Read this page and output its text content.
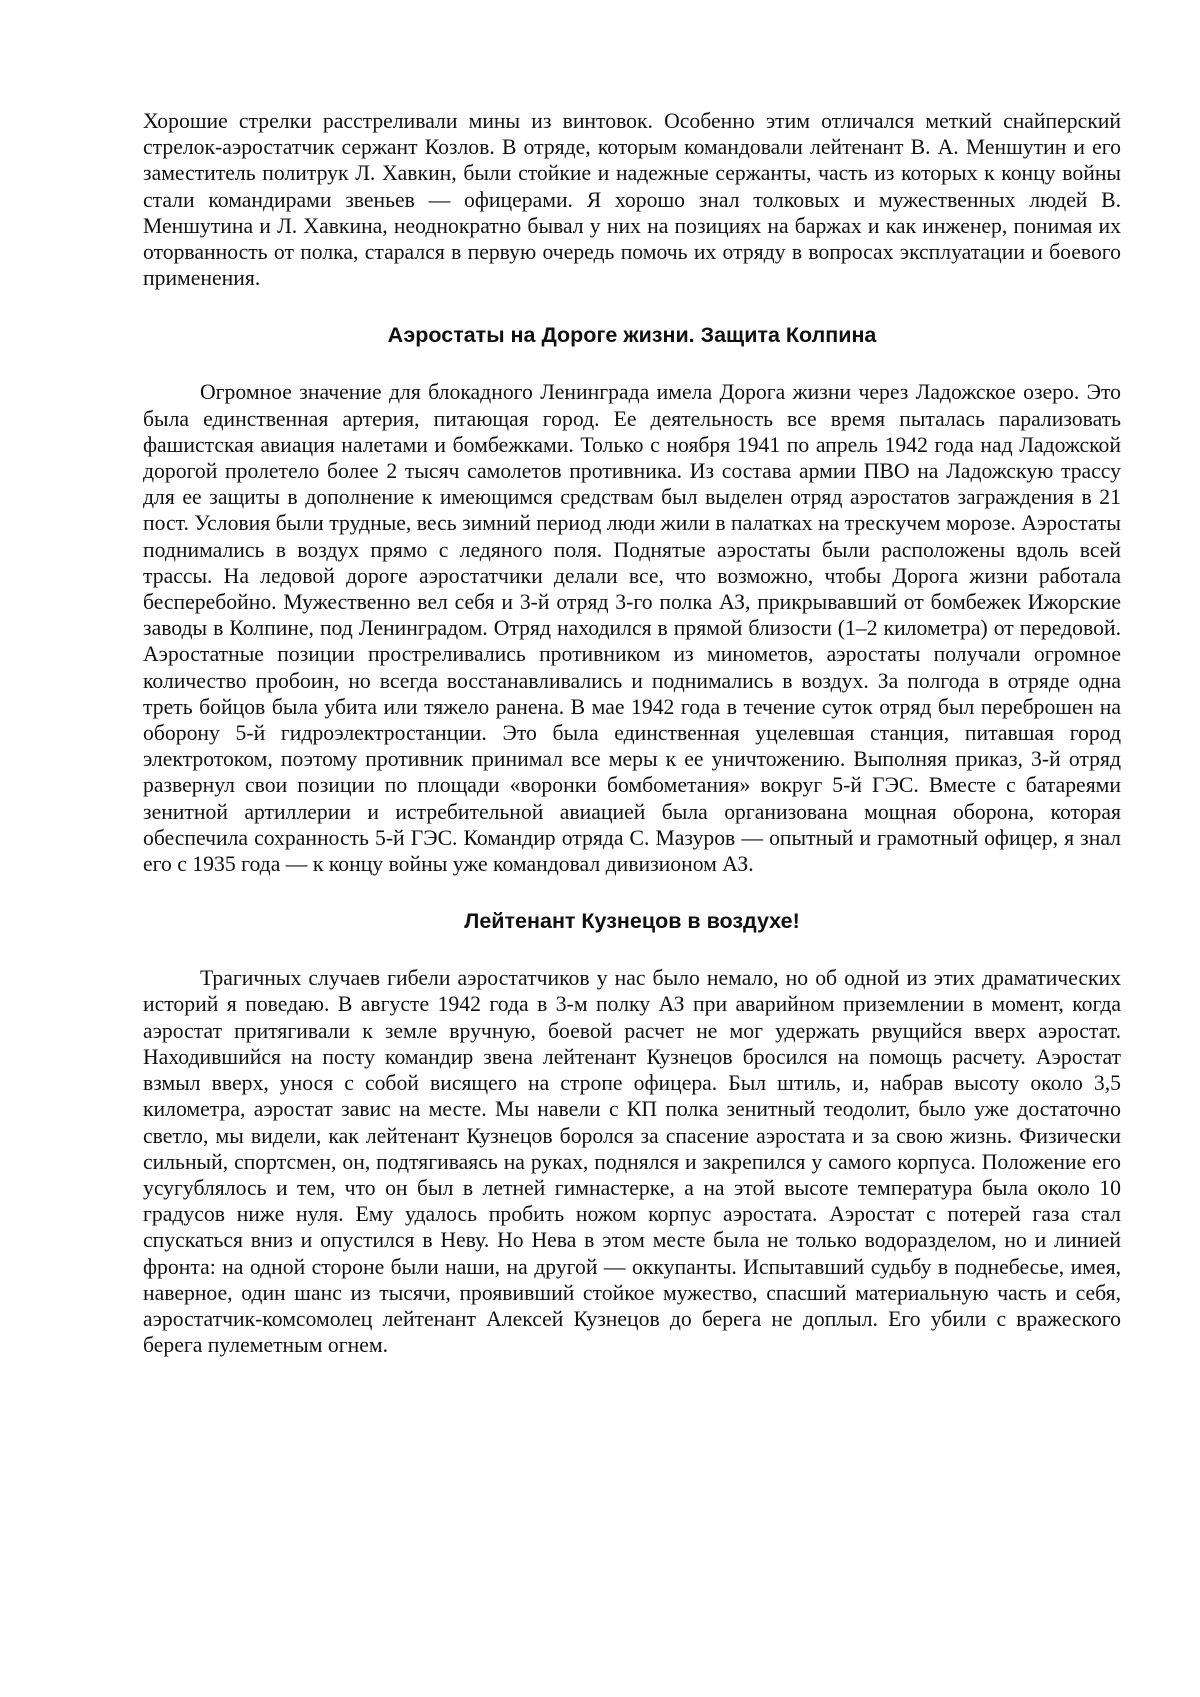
Хорошие стрелки расстреливали мины из винтовок. Особенно этим отличался меткий снайперский стрелок-аэростатчик сержант Козлов. В отряде, которым командовали лейтенант В. А. Меншутин и его заместитель политрук Л. Хавкин, были стойкие и надежные сержанты, часть из которых к концу войны стали командирами звеньев — офицерами. Я хорошо знал толковых и мужественных людей В. Меншутина и Л. Хавкина, неоднократно бывал у них на позициях на баржах и как инженер, понимая их оторванность от полка, старался в первую очередь помочь их отряду в вопросах эксплуатации и боевого применения.

Аэростаты на Дороге жизни. Защита Колпина

Огромное значение для блокадного Ленинграда имела Дорога жизни через Ладожское озеро. Это была единственная артерия, питающая город. Ее деятельность все время пыталась парализовать фашистская авиация налетами и бомбежками. Только с ноября 1941 по апрель 1942 года над Ладожской дорогой пролетело более 2 тысяч самолетов противника. Из состава армии ПВО на Ладожскую трассу для ее защиты в дополнение к имеющимся средствам был выделен отряд аэростатов заграждения в 21 пост. Условия были трудные, весь зимний период люди жили в палатках на трескучем морозе. Аэростаты поднимались в воздух прямо с ледяного поля. Поднятые аэростаты были расположены вдоль всей трассы. На ледовой дороге аэростатчики делали все, что возможно, чтобы Дорога жизни работала бесперебойно. Мужественно вел себя и 3-й отряд 3-го полка АЗ, прикрывавший от бомбежек Ижорские заводы в Колпине, под Ленинградом. Отряд находился в прямой близости (1–2 километра) от передовой. Аэростатные позиции простреливались противником из минометов, аэростаты получали огромное количество пробоин, но всегда восстанавливались и поднимались в воздух. За полгода в отряде одна треть бойцов была убита или тяжело ранена. В мае 1942 года в течение суток отряд был переброшен на оборону 5-й гидроэлектростанции. Это была единственная уцелевшая станция, питавшая город электротоком, поэтому противник принимал все меры к ее уничтожению. Выполняя приказ, 3-й отряд развернул свои позиции по площади «воронки бомбометания» вокруг 5-й ГЭС. Вместе с батареями зенитной артиллерии и истребительной авиацией была организована мощная оборона, которая обеспечила сохранность 5-й ГЭС. Командир отряда С. Мазуров — опытный и грамотный офицер, я знал его с 1935 года — к концу войны уже командовал дивизионом АЗ.

Лейтенант Кузнецов в воздухе!

Трагичных случаев гибели аэростатчиков у нас было немало, но об одной из этих драматических историй я поведаю. В августе 1942 года в 3-м полку АЗ при аварийном приземлении в момент, когда аэростат притягивали к земле вручную, боевой расчет не мог удержать рвущийся вверх аэростат. Находившийся на посту командир звена лейтенант Кузнецов бросился на помощь расчету. Аэростат взмыл вверх, унося с собой висящего на стропе офицера. Был штиль, и, набрав высоту около 3,5 километра, аэростат завис на месте. Мы навели с КП полка зенитный теодолит, было уже достаточно светло, мы видели, как лейтенант Кузнецов боролся за спасение аэростата и за свою жизнь. Физически сильный, спортсмен, он, подтягиваясь на руках, поднялся и закрепился у самого корпуса. Положение его усугублялось и тем, что он был в летней гимнастерке, а на этой высоте температура была около 10 градусов ниже нуля. Ему удалось пробить ножом корпус аэростата. Аэростат с потерей газа стал спускаться вниз и опустился в Неву. Но Нева в этом месте была не только водоразделом, но и линией фронта: на одной стороне были наши, на другой — оккупанты. Испытавший судьбу в поднебесье, имея, наверное, один шанс из тысячи, проявивший стойкое мужество, спасший материальную часть и себя, аэростатчик-комсомолец лейтенант Алексей Кузнецов до берега не доплыл. Его убили с вражеского берега пулеметным огнем.
